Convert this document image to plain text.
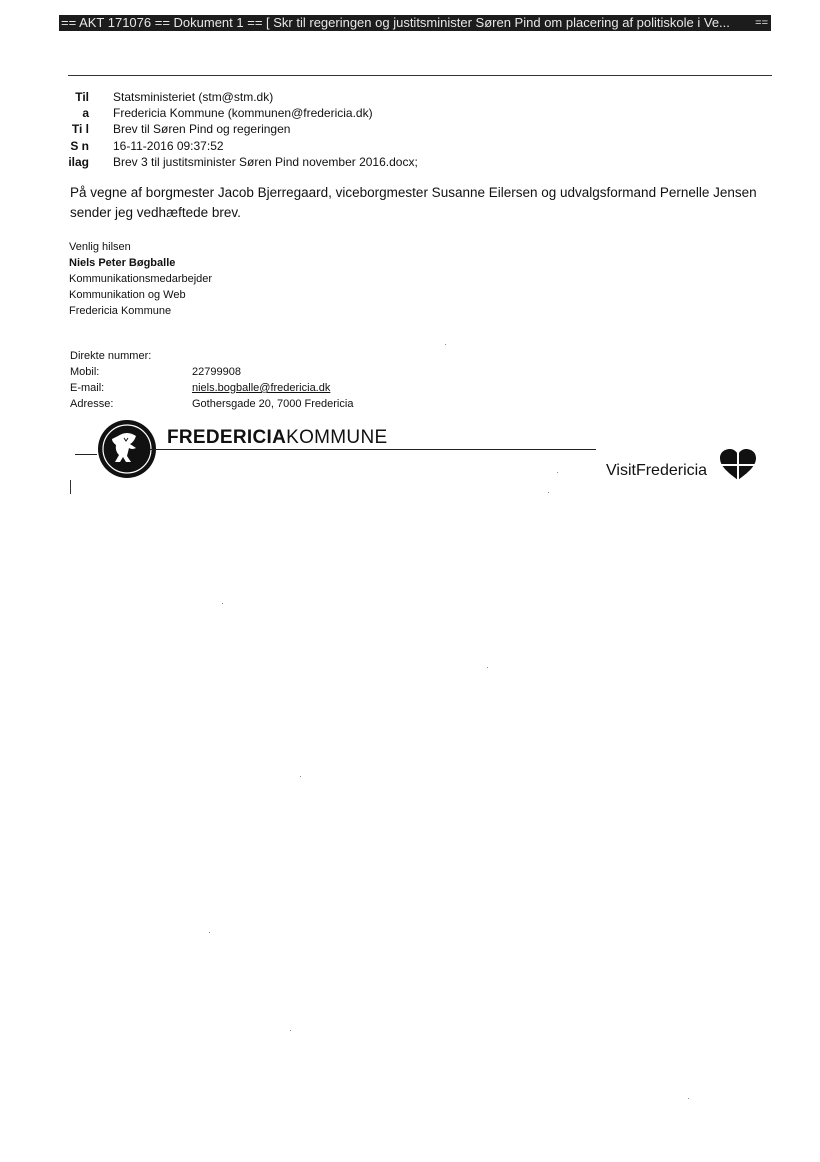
== AKT 171076 == Dokument 1 == [ Skr til regeringen og justitsminister Søren Pind om placering af politiskole i Ve... ==
Til Statsministeriet (stm@stm.dk)
a Fredericia Kommune (kommunen@fredericia.dk)
Ti l Brev til Søren Pind og regeringen
S n 16-11-2016 09:37:52
ilag Brev 3 til justitsminister Søren Pind november 2016.docx;
På vegne af borgmester Jacob Bjerregaard, viceborgmester Susanne Eilersen og udvalgsformand Pernelle Jensen sender jeg vedhæftede brev.
Venlig hilsen
Niels Peter Bøgballe
Kommunikationsmedarbejder
Kommunikation og Web
Fredericia Kommune
Direkte nummer:
Mobil:	22799908
E-mail:	niels.bogballe@fredericia.dk
Adresse:	Gothersgade 20, 7000 Fredericia
FREDERICIAKOMMUNE
VisitFredericia
